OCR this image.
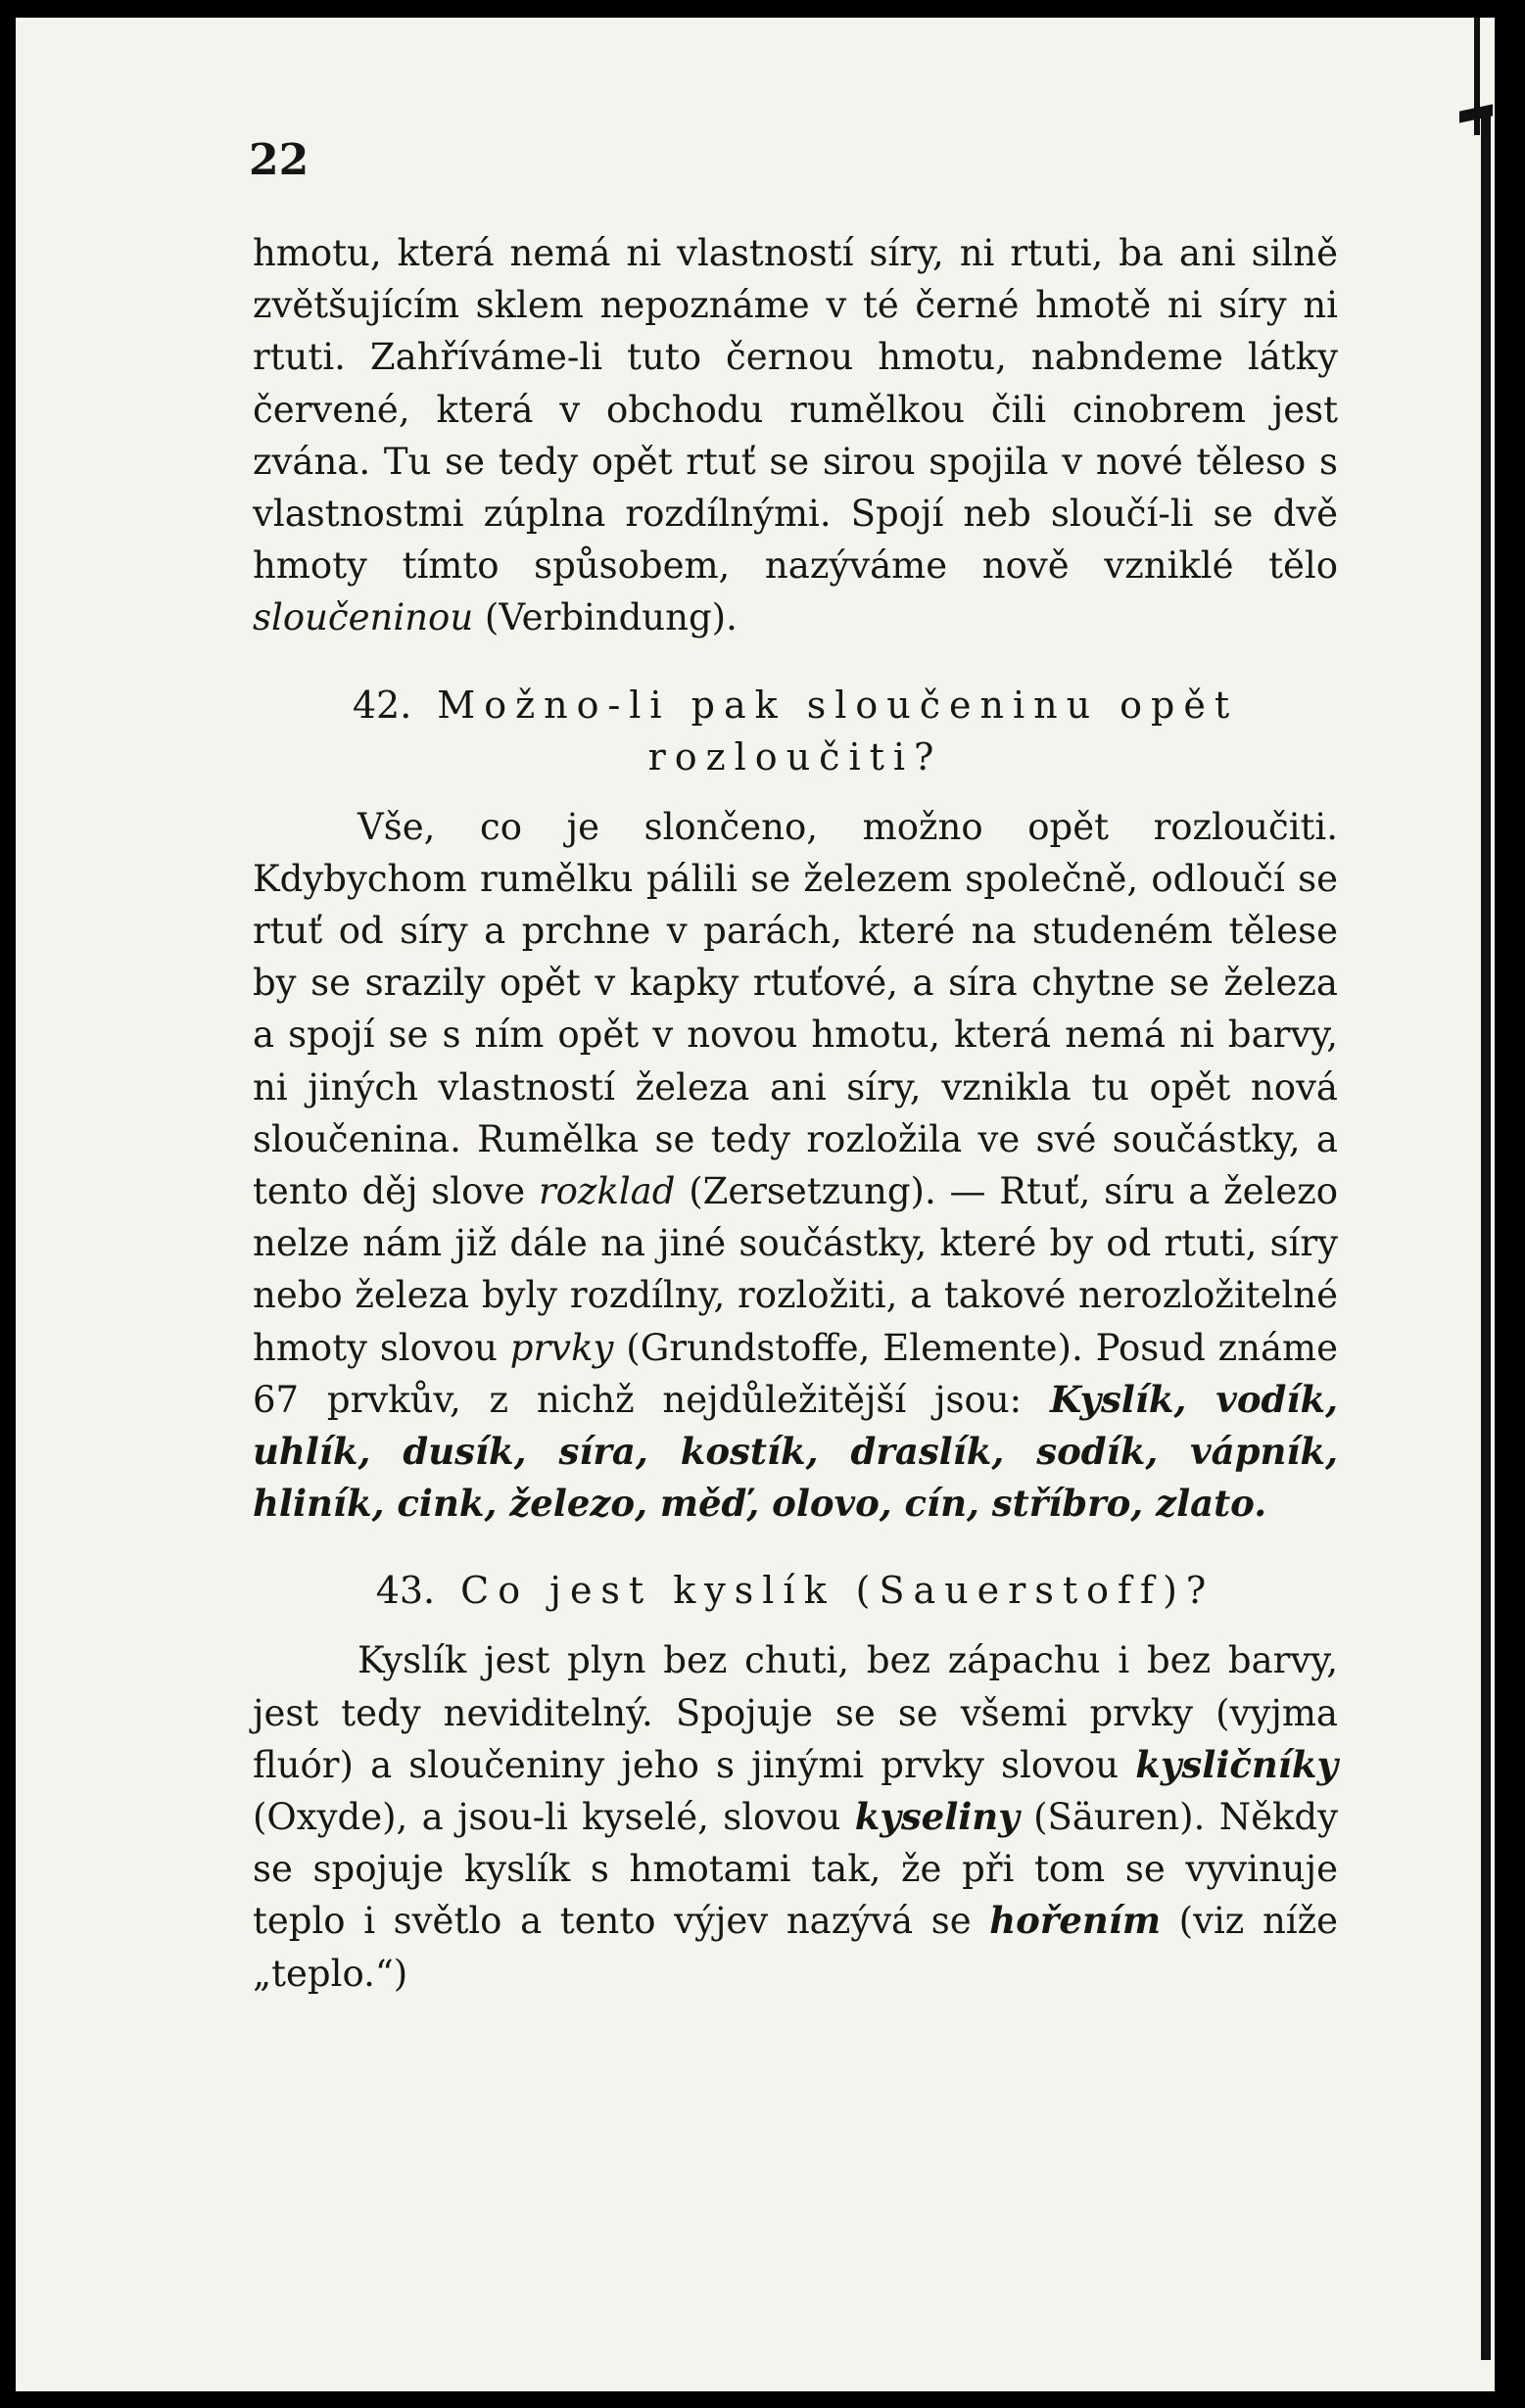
22

hmotu, která nemá ni vlastností síry, ni rtuti, ba ani silně zvětšujícím sklem nepoznáme v té černé hmotě ni síry ni rtuti. Zahříváme-li tuto černou hmotu, nabndeme látky červené, která v obchodu rumělkou čili cinobrem jest zvána. Tu se tedy opět rtuť se sirou spojila v nové těleso s vlastnostmi zúplna rozdílnými. Spojí neb sloučí-li se dvě hmoty tímto spůsobem, nazýváme nově vzniklé tělo sloučeninou (Verbindung).

42. Možno-li pak sloučeninu opět rozloučiti?

Vše, co je slončeno, možno opět rozloučiti. Kdybychom rumělku pálili se železem společně, odloučí se rtuť od síry a prchne v parách, které na studeném tělese by se srazily opět v kapky rtuťové, a síra chytne se železa a spojí se s ním opět v novou hmotu, která nemá ni barvy, ni jiných vlastností železa ani síry, vznikla tu opět nová sloučenina. Rumělka se tedy rozložila ve své součástky, a tento děj slove rozklad (Zersetzung). — Rtuť, síru a železo nelze nám již dále na jiné součástky, které by od rtuti, síry nebo železa byly rozdílny, rozložiti, a takové nerozložitelné hmoty slovou prvky (Grundstoffe, Elemente). Posud známe 67 prvkův, z nichž nejdůležitější jsou: Kyslík, vodík, uhlík, dusík, síra, kostík, draslík, sodík, vápník, hliník, cink, železo, měď, olovo, cín, stříbro, zlato.

43. Co jest kyslík (Sauerstoff)?

Kyslík jest plyn bez chuti, bez zápachu i bez barvy, jest tedy neviditelný. Spojuje se se všemi prvky (vyjma fluór) a sloučeniny jeho s jinými prvky slovou kysličníky (Oxyde), a jsou-li kyselé, slovou kyseliny (Säuren). Někdy se spojuje kyslík s hmotami tak, že při tom se vyvinuje teplo i světlo a tento výjev nazývá se hořením (viz níže „teplo.“)
